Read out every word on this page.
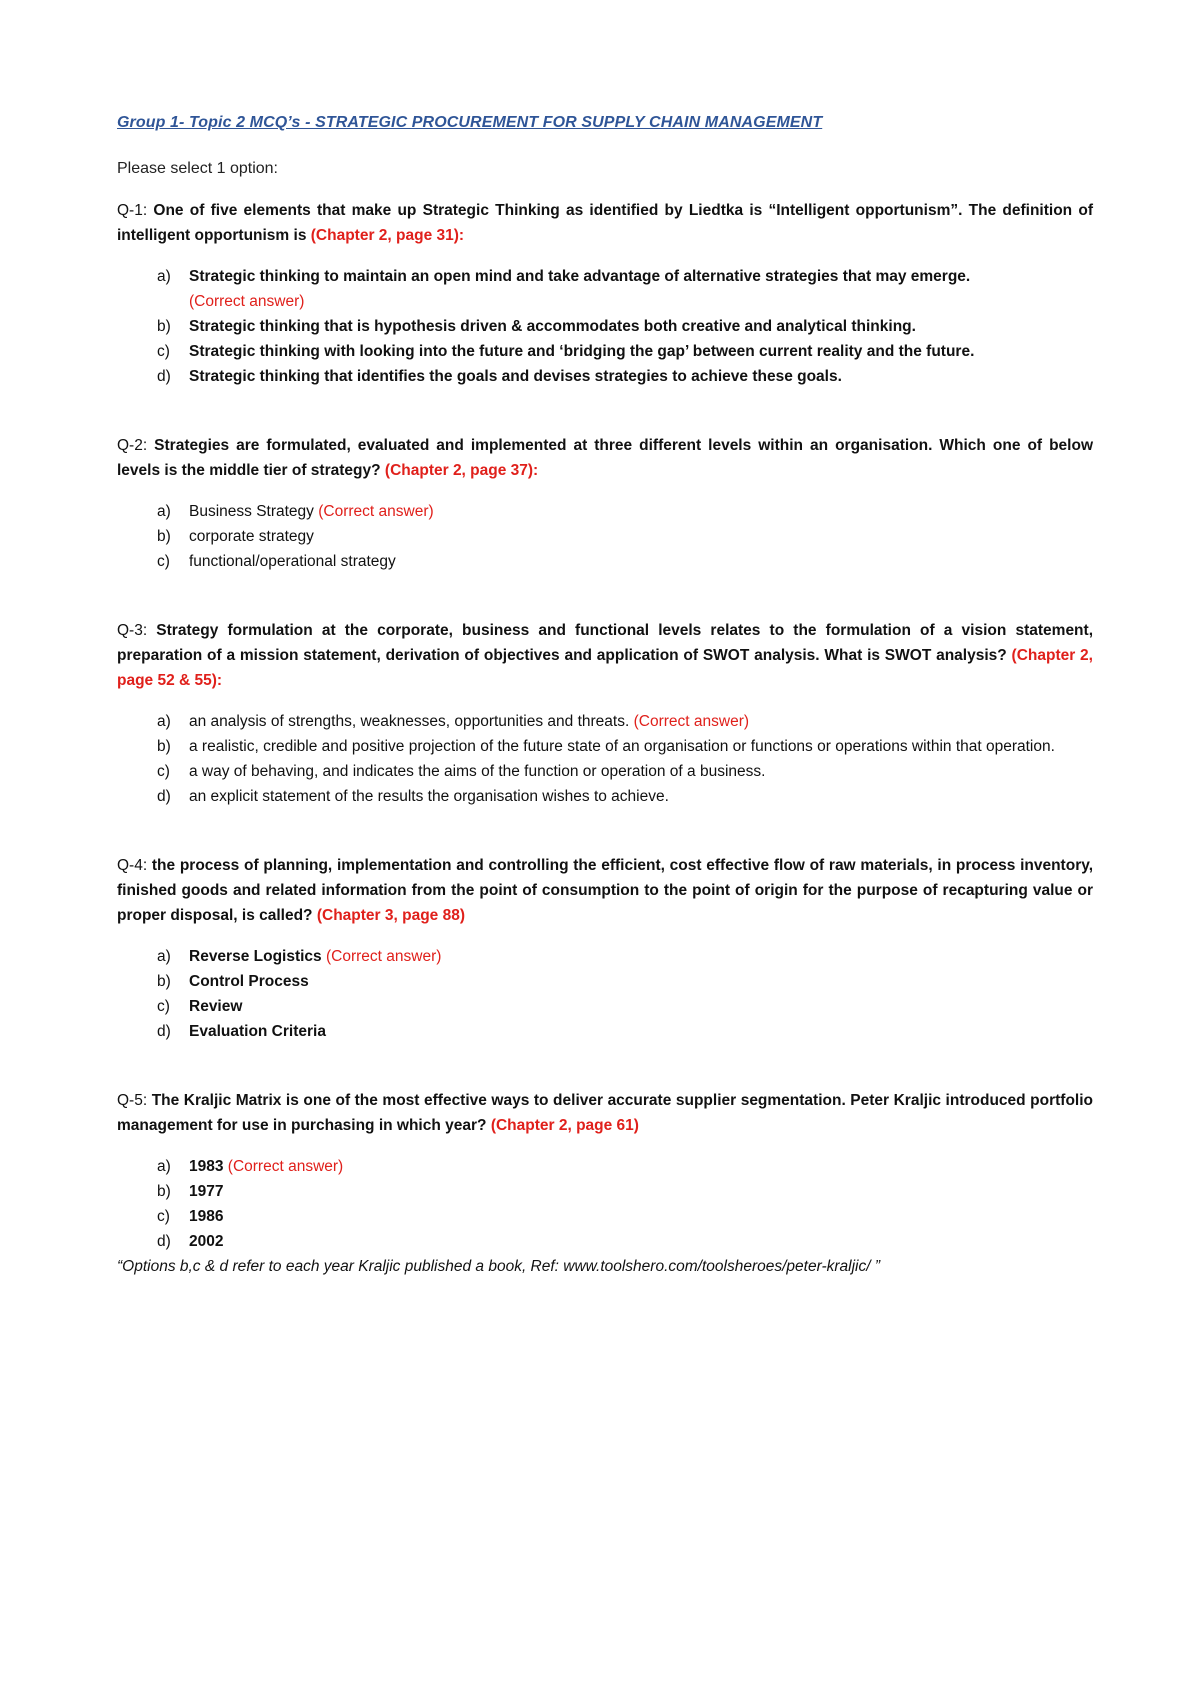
Group 1- Topic 2 MCQ’s - STRATEGIC PROCUREMENT FOR SUPPLY CHAIN MANAGEMENT

Please select 1 option:

Q-1: One of five elements that make up Strategic Thinking as identified by Liedtka is “Intelligent opportunism”. The definition of intelligent opportunism is (Chapter 2, page 31):

a)	Strategic thinking to maintain an open mind and take advantage of alternative strategies that may emerge.
(Correct answer)
b)	Strategic thinking that is hypothesis driven & accommodates both creative and analytical thinking.
c)	Strategic thinking with looking into the future and ‘bridging the gap’ between current reality and the future.
d)	Strategic thinking that identifies the goals and devises strategies to achieve these goals.

Q-2: Strategies are formulated, evaluated and implemented at three different levels within an organisation. Which one of below levels is the middle tier of strategy? (Chapter 2, page 37):

a)	Business Strategy (Correct answer)
b)	corporate strategy
c)	functional/operational strategy

Q-3: Strategy formulation at the corporate, business and functional levels relates to the formulation of a vision statement, preparation of a mission statement, derivation of objectives and application of SWOT analysis. What is SWOT analysis? (Chapter 2, page 52 & 55):

a)	an analysis of strengths, weaknesses, opportunities and threats. (Correct answer)
b)	a realistic, credible and positive projection of the future state of an organisation or functions or operations within that operation.
c)	a way of behaving, and indicates the aims of the function or operation of a business.
d)	an explicit statement of the results the organisation wishes to achieve.

Q-4: the process of planning, implementation and controlling the efficient, cost effective flow of raw materials, in process inventory, finished goods and related information from the point of consumption to the point of origin for the purpose of recapturing value or proper disposal, is called? (Chapter 3, page 88)

a)	Reverse Logistics (Correct answer)
b)	Control Process
c)	Review
d)	Evaluation Criteria

Q-5: The Kraljic Matrix is one of the most effective ways to deliver accurate supplier segmentation. Peter Kraljic introduced portfolio management for use in purchasing in which year? (Chapter 2, page 61)

a)	1983 (Correct answer)
b)	1977
c)	1986
d)	2002

“Options b,c & d refer to each year Kraljic published a book, Ref: www.toolshero.com/toolsheroes/peter-kraljic/ ”
